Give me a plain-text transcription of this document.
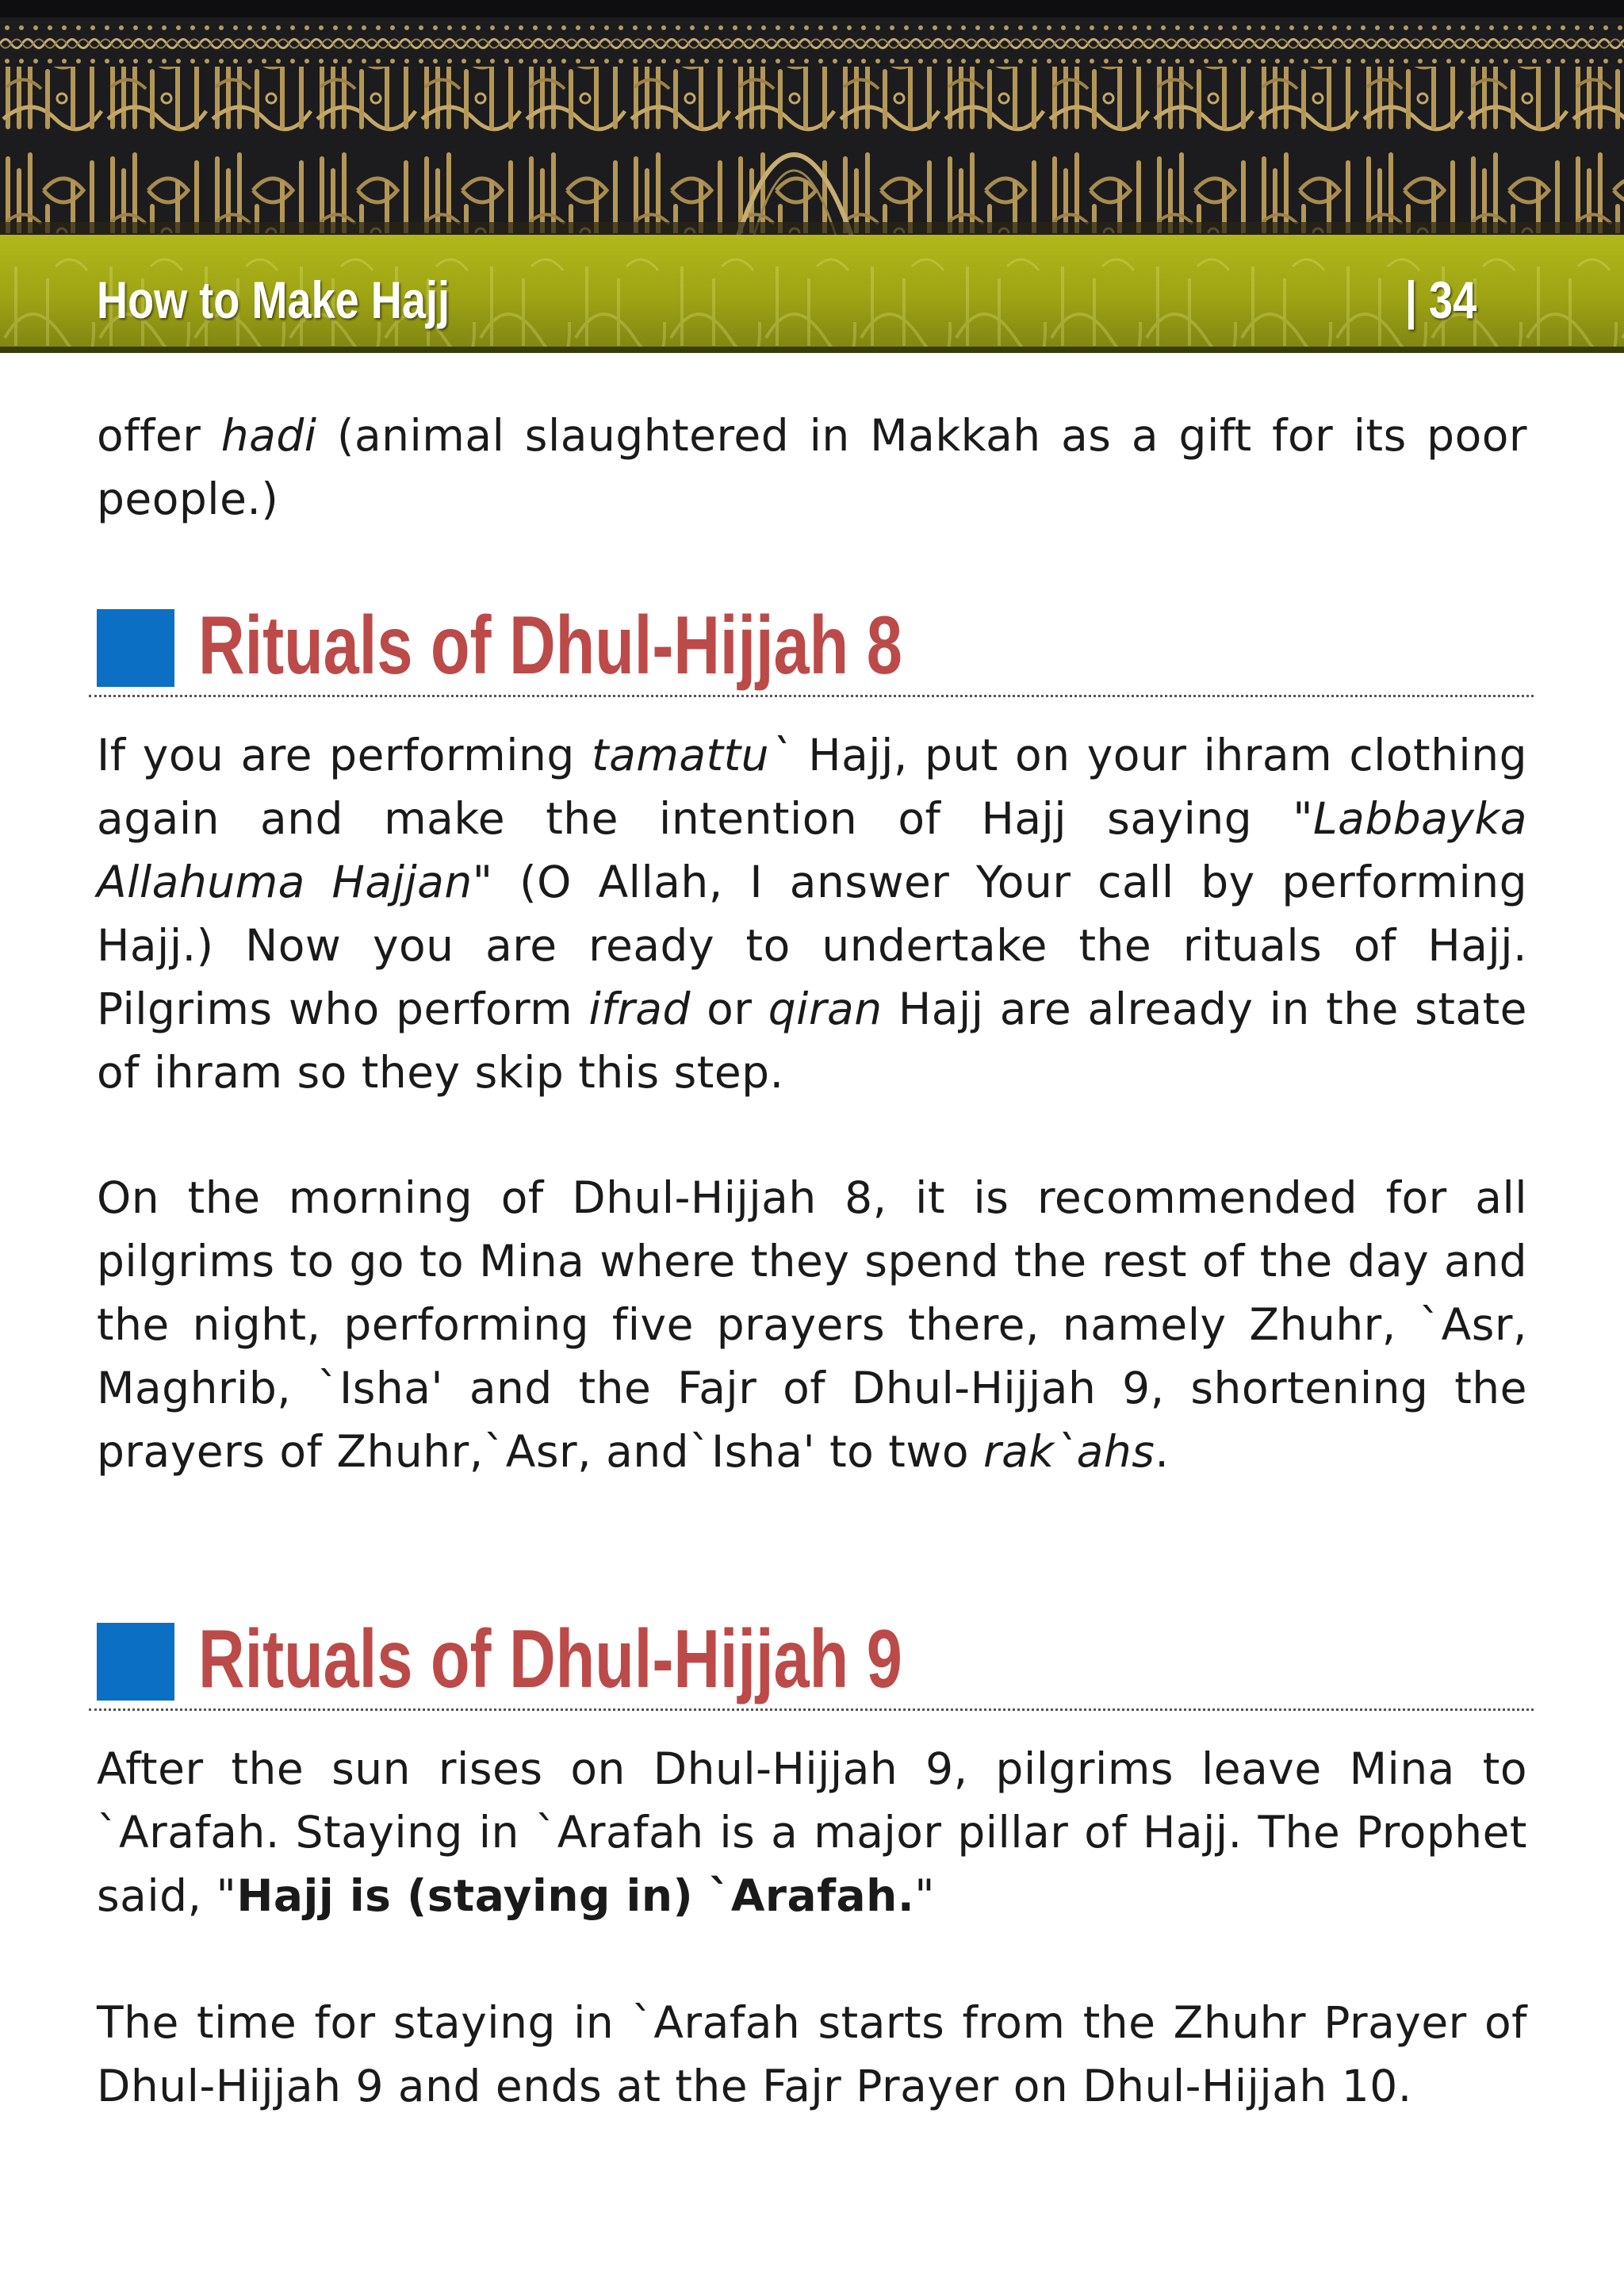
How to Make Hajj	| 34
offer hadi (animal slaughtered in Makkah as a gift for its poor people.)
Rituals of Dhul-Hijjah 8
If you are performing tamattu` Hajj, put on your ihram clothing again and make the intention of Hajj saying "Labbayka Allahuma Hajjan" (O Allah, I answer Your call by performing Hajj.) Now you are ready to undertake the rituals of Hajj. Pilgrims who perform ifrad or qiran Hajj are already in the state of ihram so they skip this step.
On the morning of Dhul-Hijjah 8, it is recommended for all pilgrims to go to Mina where they spend the rest of the day and the night, performing five prayers there, namely Zhuhr, `Asr, Maghrib, `Isha' and the Fajr of Dhul-Hijjah 9, shortening the prayers of Zhuhr,`Asr, and`Isha' to two rak`ahs.
Rituals of Dhul-Hijjah 9
After the sun rises on Dhul-Hijjah 9, pilgrims leave Mina to `Arafah. Staying in `Arafah is a major pillar of Hajj. The Prophet said, "Hajj is (staying in) `Arafah."
The time for staying in `Arafah starts from the Zhuhr Prayer of Dhul-Hijjah 9 and ends at the Fajr Prayer on Dhul-Hijjah 10.
